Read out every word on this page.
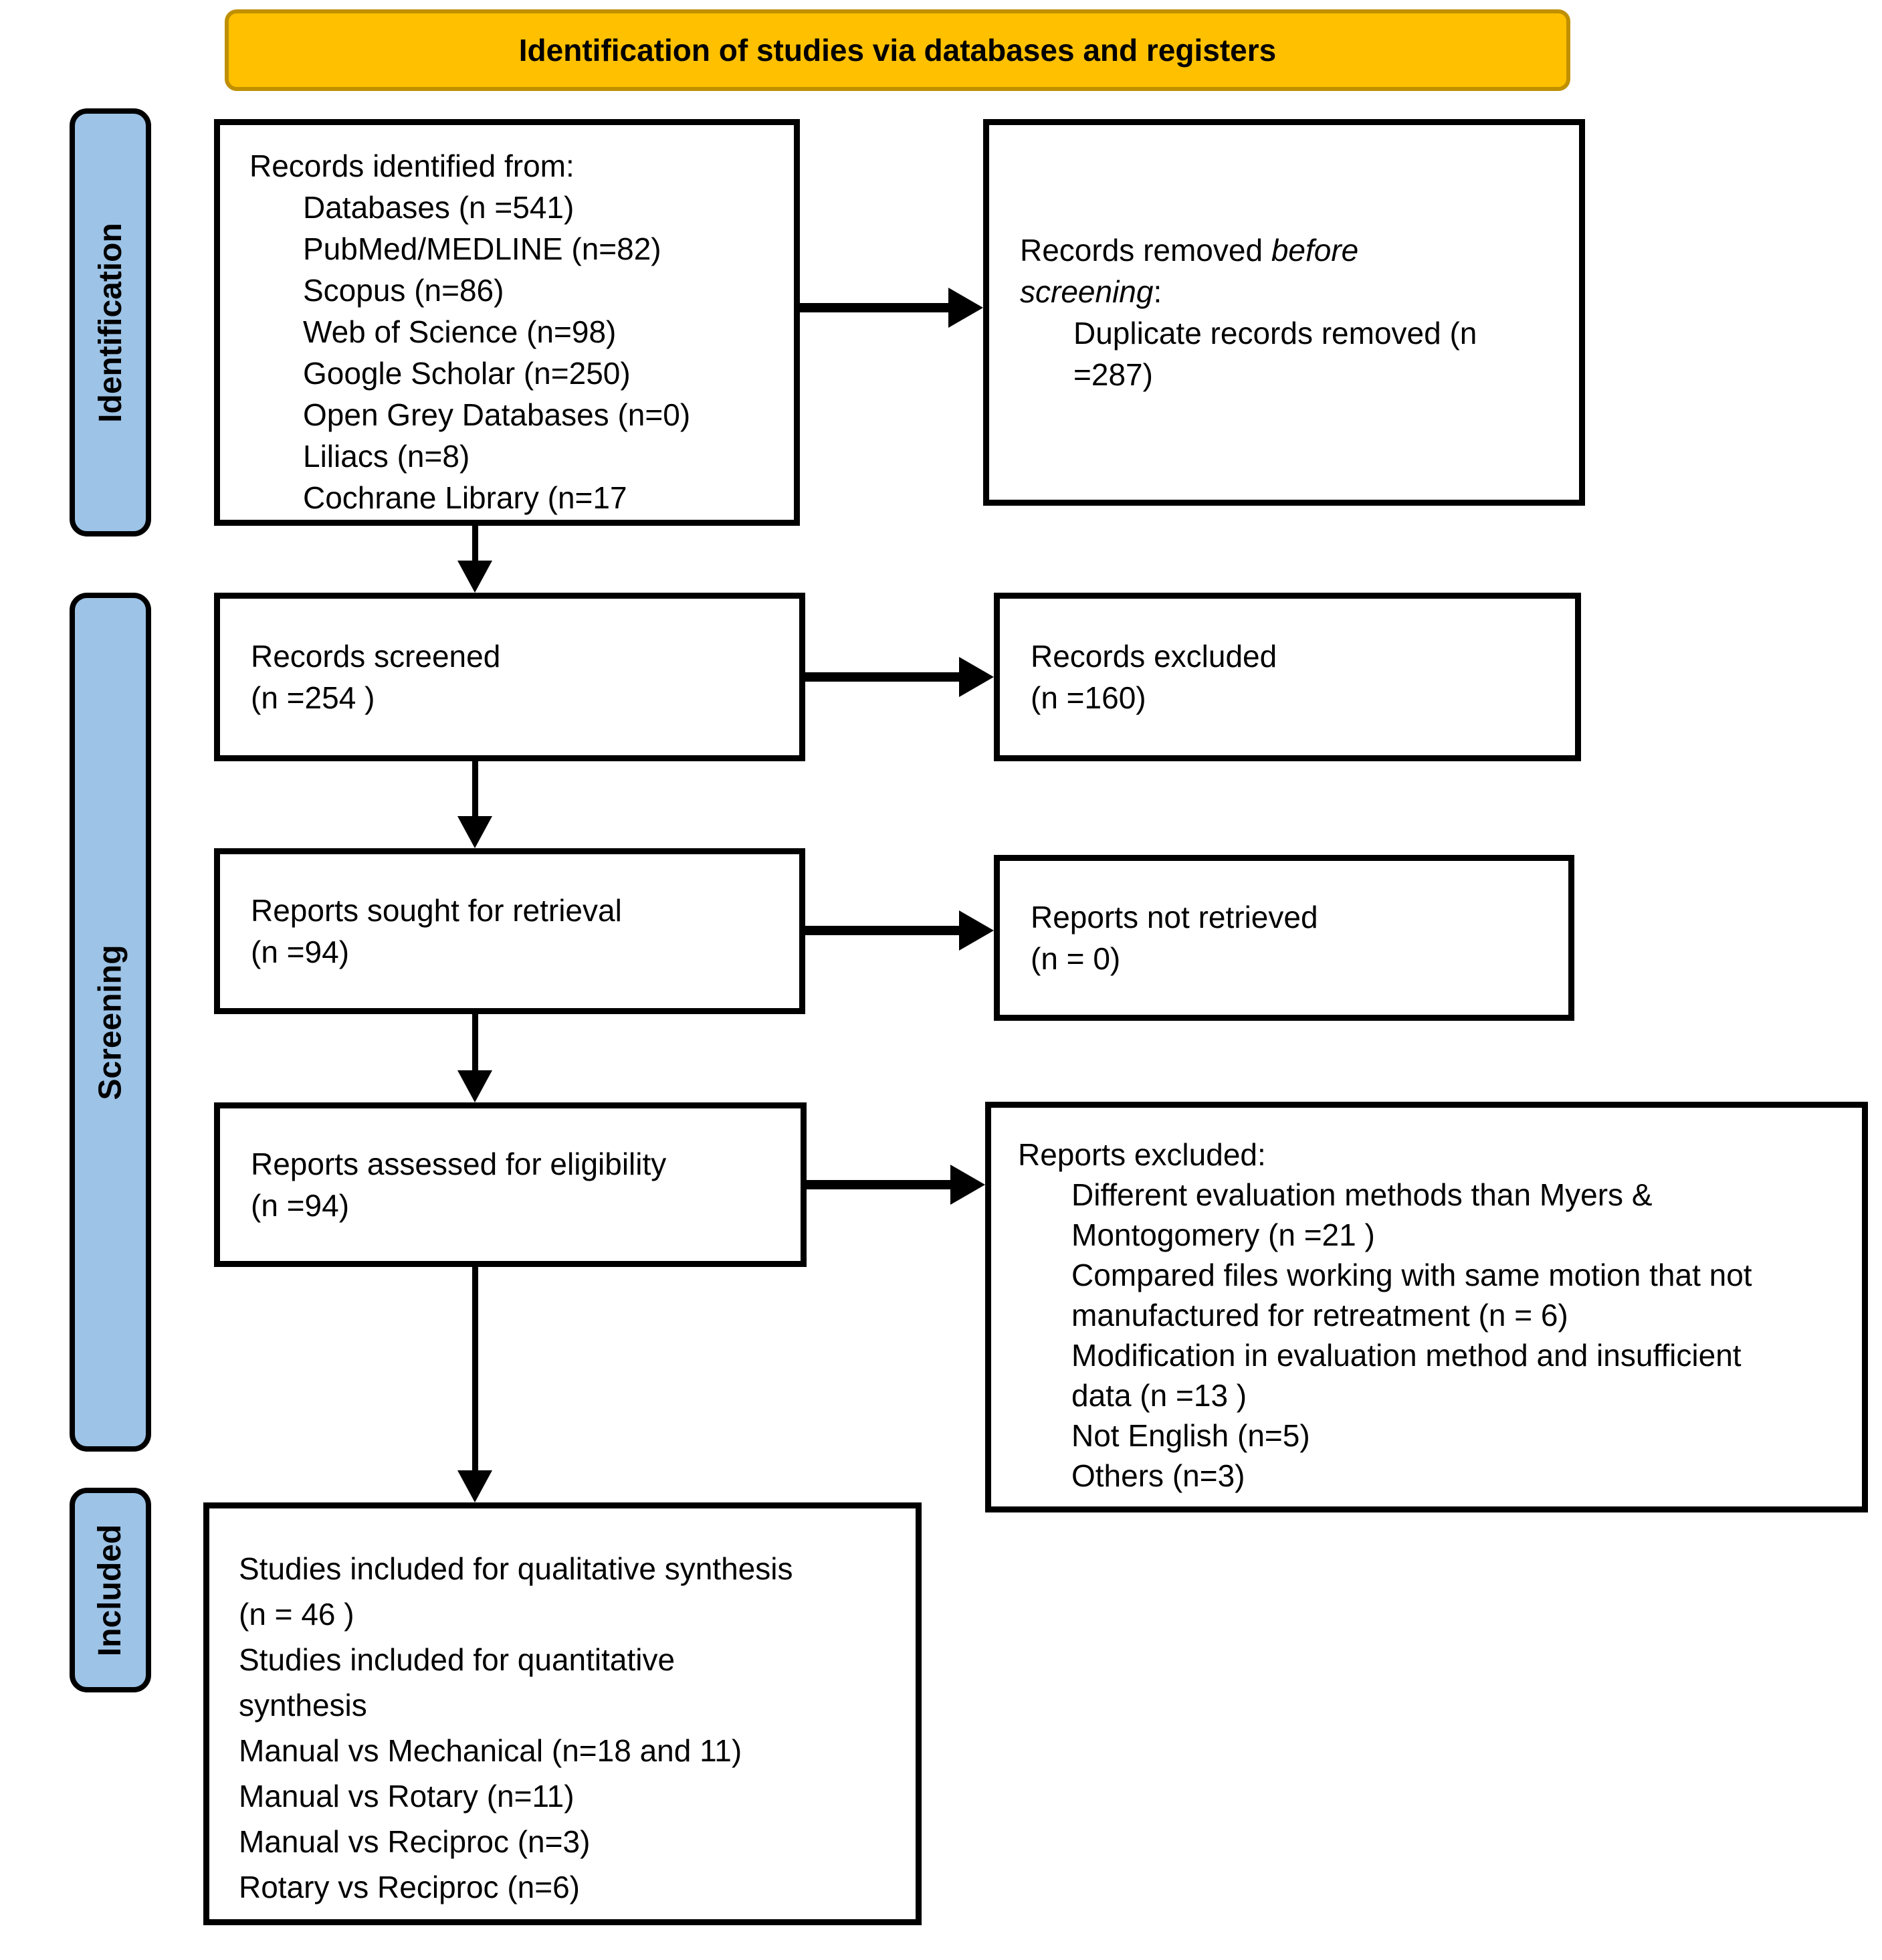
Identification of studies via databases and registers
Identification
Screening
Included
Records identified from:
Databases (n =541)
PubMed/MEDLINE (n=82)
Scopus (n=86)
Web of Science (n=98)
Google Scholar (n=250)
Open Grey Databases (n=0)
Liliacs (n=8)
Cochrane Library (n=17
Records removed before screening:
Duplicate records removed (n =287)
Records screened
(n =254 )
Records excluded
(n =160)
Reports sought for retrieval
(n =94)
Reports not retrieved
(n = 0)
Reports assessed for eligibility
(n =94)
Reports excluded:
Different evaluation methods than Myers & Montogomery (n =21 )
Compared files working with same motion that not manufactured for retreatment (n = 6)
Modification in evaluation method and insufficient data (n =13 )
Not English (n=5)
Others (n=3)
Studies included for qualitative synthesis
(n = 46 )
Studies included for quantitative
synthesis
Manual vs Mechanical (n=18 and 11)
Manual vs Rotary (n=11)
Manual vs Reciproc (n=3)
Rotary vs Reciproc (n=6)
